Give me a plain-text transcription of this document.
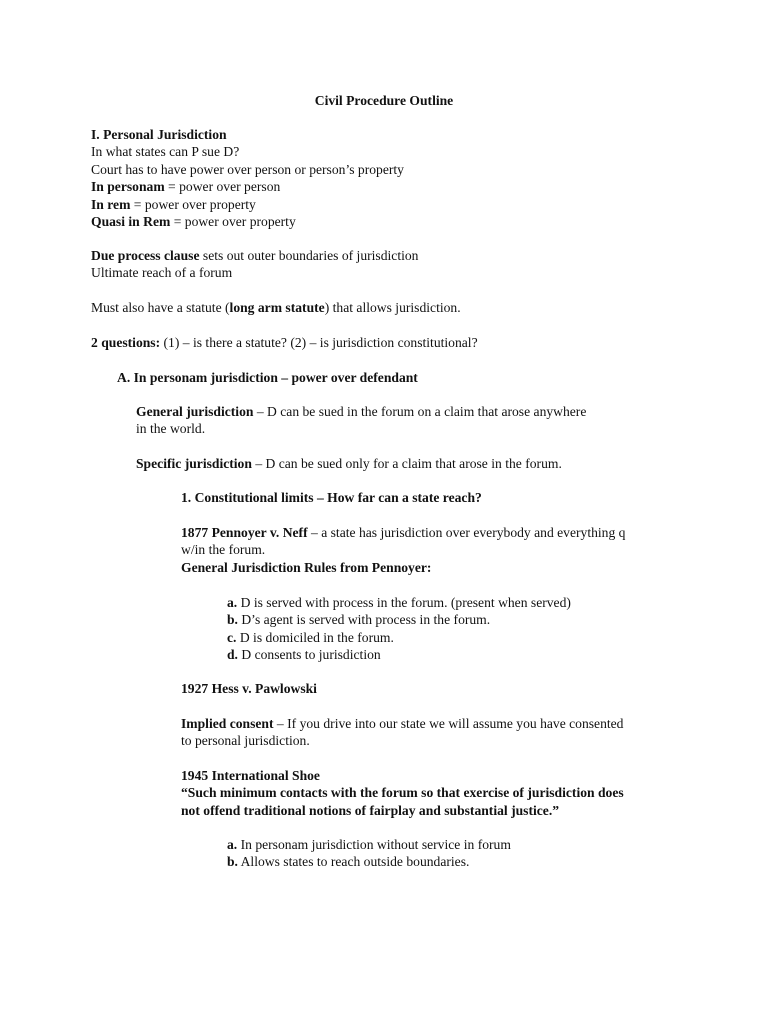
Civil Procedure Outline
I. Personal Jurisdiction
In what states can P sue D?
Court has to have power over person or person’s property
In personam = power over person
In rem = power over property
Quasi in Rem = power over property
Due process clause sets out outer boundaries of jurisdiction
Ultimate reach of a forum
Must also have a statute (long arm statute) that allows jurisdiction.
2 questions: (1) – is there a statute? (2) – is jurisdiction constitutional?
A. In personam jurisdiction – power over defendant
General jurisdiction – D can be sued in the forum on a claim that arose anywhere
in the world.
Specific jurisdiction – D can be sued only for a claim that arose in the forum.
1. Constitutional limits – How far can a state reach?
1877 Pennoyer v. Neff – a state has jurisdiction over everybody and everything q
w/in the forum.
General Jurisdiction Rules from Pennoyer:
a. D is served with process in the forum. (present when served)
b. D’s agent is served with process in the forum.
c. D is domiciled in the forum.
d. D consents to jurisdiction
1927 Hess v. Pawlowski
Implied consent – If you drive into our state we will assume you have consented
to personal jurisdiction.
1945 International Shoe
“Such minimum contacts with the forum so that exercise of jurisdiction does
not offend traditional notions of fairplay and substantial justice.”
a. In personam jurisdiction without service in forum
b. Allows states to reach outside boundaries.
